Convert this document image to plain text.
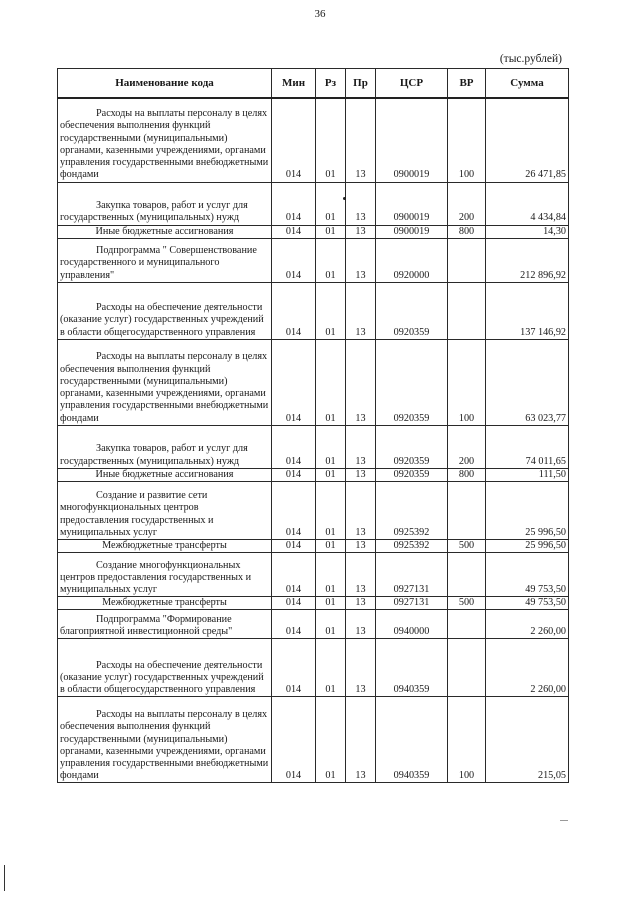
36
(тыс.рублей)
Наименование кода	Мин	Рз	Пр	ЦСР	ВР	Сумма
Расходы на выплаты персоналу в целях обеспечения выполнения функций государственными (муниципальными) органами, казенными учреждениями, органами управления государственными внебюджетными фондами	014	01	13	0900019	100	26 471,85
Закупка товаров, работ и услуг для государственных (муниципальных) нужд	014	01	13	0900019	200	4 434,84
Иные бюджетные ассигнования	014	01	13	0900019	800	14,30
Подпрограмма " Совершенствование государственного и муниципального управления"	014	01	13	0920000		212 896,92
Расходы на обеспечение деятельности (оказание услуг) государственных учреждений в области общегосударственного управления	014	01	13	0920359		137 146,92
Расходы на выплаты персоналу в целях обеспечения выполнения функций государственными (муниципальными) органами, казенными учреждениями, органами управления государственными внебюджетными фондами	014	01	13	0920359	100	63 023,77
Закупка товаров, работ и услуг для государственных (муниципальных) нужд	014	01	13	0920359	200	74 011,65
Иные бюджетные ассигнования	014	01	13	0920359	800	111,50
Создание и развитие сети многофункциональных центров предоставления государственных и муниципальных услуг	014	01	13	0925392		25 996,50
Межбюджетные трансферты	014	01	13	0925392	500	25 996,50
Создание многофункциональных центров предоставления государственных и муниципальных услуг	014	01	13	0927131		49 753,50
Межбюджетные трансферты	014	01	13	0927131	500	49 753,50
Подпрограмма "Формирование благоприятной инвестиционной среды"	014	01	13	0940000		2 260,00
Расходы на обеспечение деятельности (оказание услуг) государственных учреждений в области общегосударственного управления	014	01	13	0940359		2 260,00
Расходы на выплаты персоналу в целях обеспечения выполнения функций государственными (муниципальными) органами, казенными учреждениями, органами управления государственными внебюджетными фондами	014	01	13	0940359	100	215,05
